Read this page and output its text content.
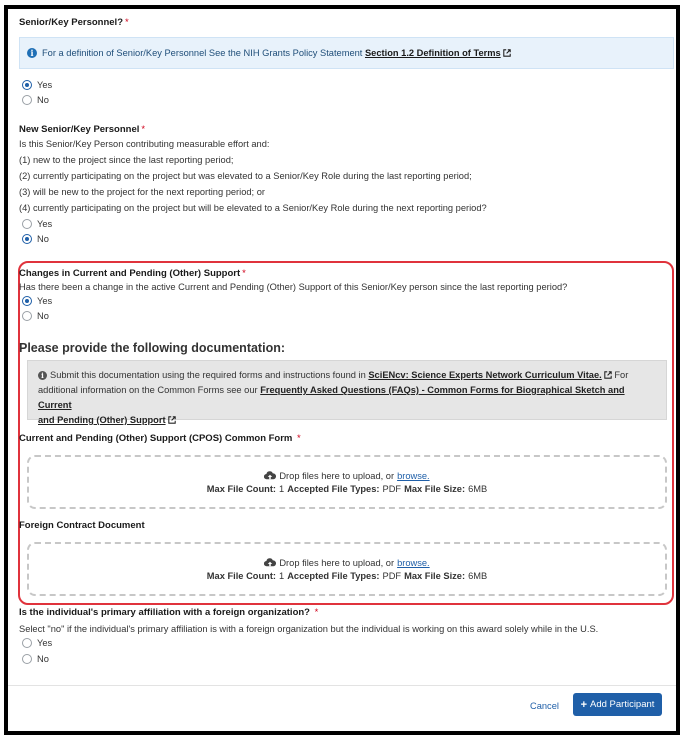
Senior/Key Personnel? *
i For a definition of Senior/Key Personnel See the NIH Grants Policy Statement
Section 1.2 Definition of Terms
Yes
No
New Senior/Key Personnel *
Is this Senior/Key Person contributing measurable effort and:
(1) new to the project since the last reporting period;
(2) currently participating on the project but was elevated to a Senior/Key Role during the last reporting period;
(3) will be new to the project for the next reporting period; or
(4) currently participating on the project but will be elevated to a Senior/Key Role during the next reporting period?
Yes
No
Changes in Current and Pending (Other) Support *
Has there been a change in the active Current and Pending (Other) Support of this Senior/Key person since the last reporting period?
Yes
No
Please provide the following documentation:
i Submit this documentation using the required forms and instructions found in SciENcv: Science Experts Network Curriculum Vitae. For
additional information on the Common Forms see our Frequently Asked Questions (FAQs) - Common Forms for Biographical Sketch and Current
and Pending (Other) Support
Current and Pending (Other) Support (CPOS) Common Form *
Drop files here to upload, or browse.
Max File Count: 1 Accepted File Types: PDF Max File Size: 6MB
Foreign Contract Document
Drop files here to upload, or browse.
Max File Count: 1 Accepted File Types: PDF Max File Size: 6MB
Is the individual's primary affiliation with a foreign organization? *
Select "no" if the individual's primary affiliation is with a foreign organization but the individual is working on this award solely while in the U.S.
Yes
No
Cancel + Add Participant
